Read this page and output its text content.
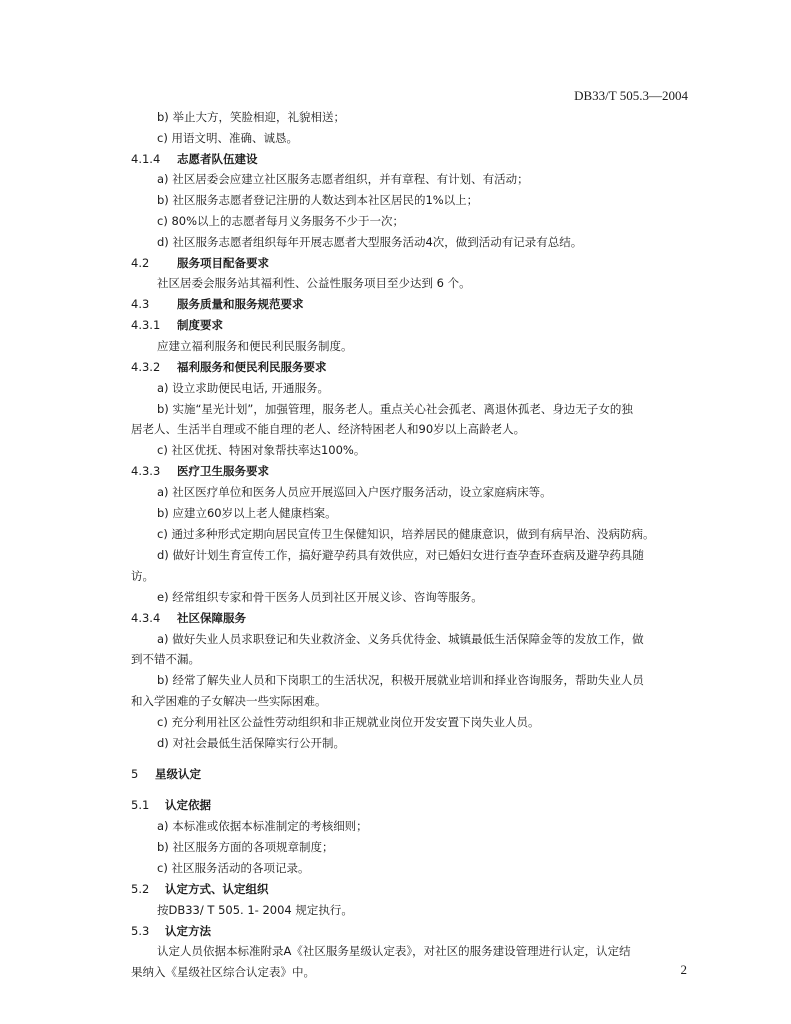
DB33/T 505.3—2004
b) 举止大方，笑脸相迎，礼貌相送；
c) 用语文明、准确、诚恳。
4.1.4 志愿者队伍建设
a) 社区居委会应建立社区服务志愿者组织，并有章程、有计划、有活动；
b) 社区服务志愿者登记注册的人数达到本社区居民的1%以上；
c) 80%以上的志愿者每月义务服务不少于一次；
d) 社区服务志愿者组织每年开展志愿者大型服务活动4次，做到活动有记录有总结。
4.2 服务项目配备要求
社区居委会服务站其福利性、公益性服务项目至少达到 6 个。
4.3 服务质量和服务规范要求
4.3.1 制度要求
应建立福利服务和便民利民服务制度。
4.3.2 福利服务和便民利民服务要求
a) 设立求助便民电话, 开通服务。
b) 实施“星光计划”，加强管理，服务老人。重点关心社会孤老、离退休孤老、身边无子女的独
居老人、生活半自理或不能自理的老人、经济特困老人和90岁以上高龄老人。
c) 社区优抚、特困对象帮扶率达100%。
4.3.3 医疗卫生服务要求
a) 社区医疗单位和医务人员应开展巡回入户医疗服务活动，设立家庭病床等。
b) 应建立60岁以上老人健康档案。
c) 通过多种形式定期向居民宣传卫生保健知识，培养居民的健康意识，做到有病早治、没病防病。
d) 做好计划生育宣传工作，搞好避孕药具有效供应，对已婚妇女进行查孕查环查病及避孕药具随
访。
e) 经常组织专家和骨干医务人员到社区开展义诊、咨询等服务。
4.3.4 社区保障服务
a) 做好失业人员求职登记和失业救济金、义务兵优待金、城镇最低生活保障金等的发放工作，做
到不错不漏。
b) 经常了解失业人员和下岗职工的生活状况，积极开展就业培训和择业咨询服务，帮助失业人员
和入学困难的子女解决一些实际困难。
c) 充分利用社区公益性劳动组织和非正规就业岗位开发安置下岗失业人员。
d) 对社会最低生活保障实行公开制。
5 星级认定
5.1 认定依据
a) 本标准或依据本标准制定的考核细则；
b) 社区服务方面的各项规章制度；
c) 社区服务活动的各项记录。
5.2 认定方式、认定组织
按DB33/ T 505. 1- 2004 规定执行。
5.3 认定方法
认定人员依据本标准附录A《社区服务星级认定表》，对社区的服务建设管理进行认定，认定结
果纳入《星级社区综合认定表》中。	2
